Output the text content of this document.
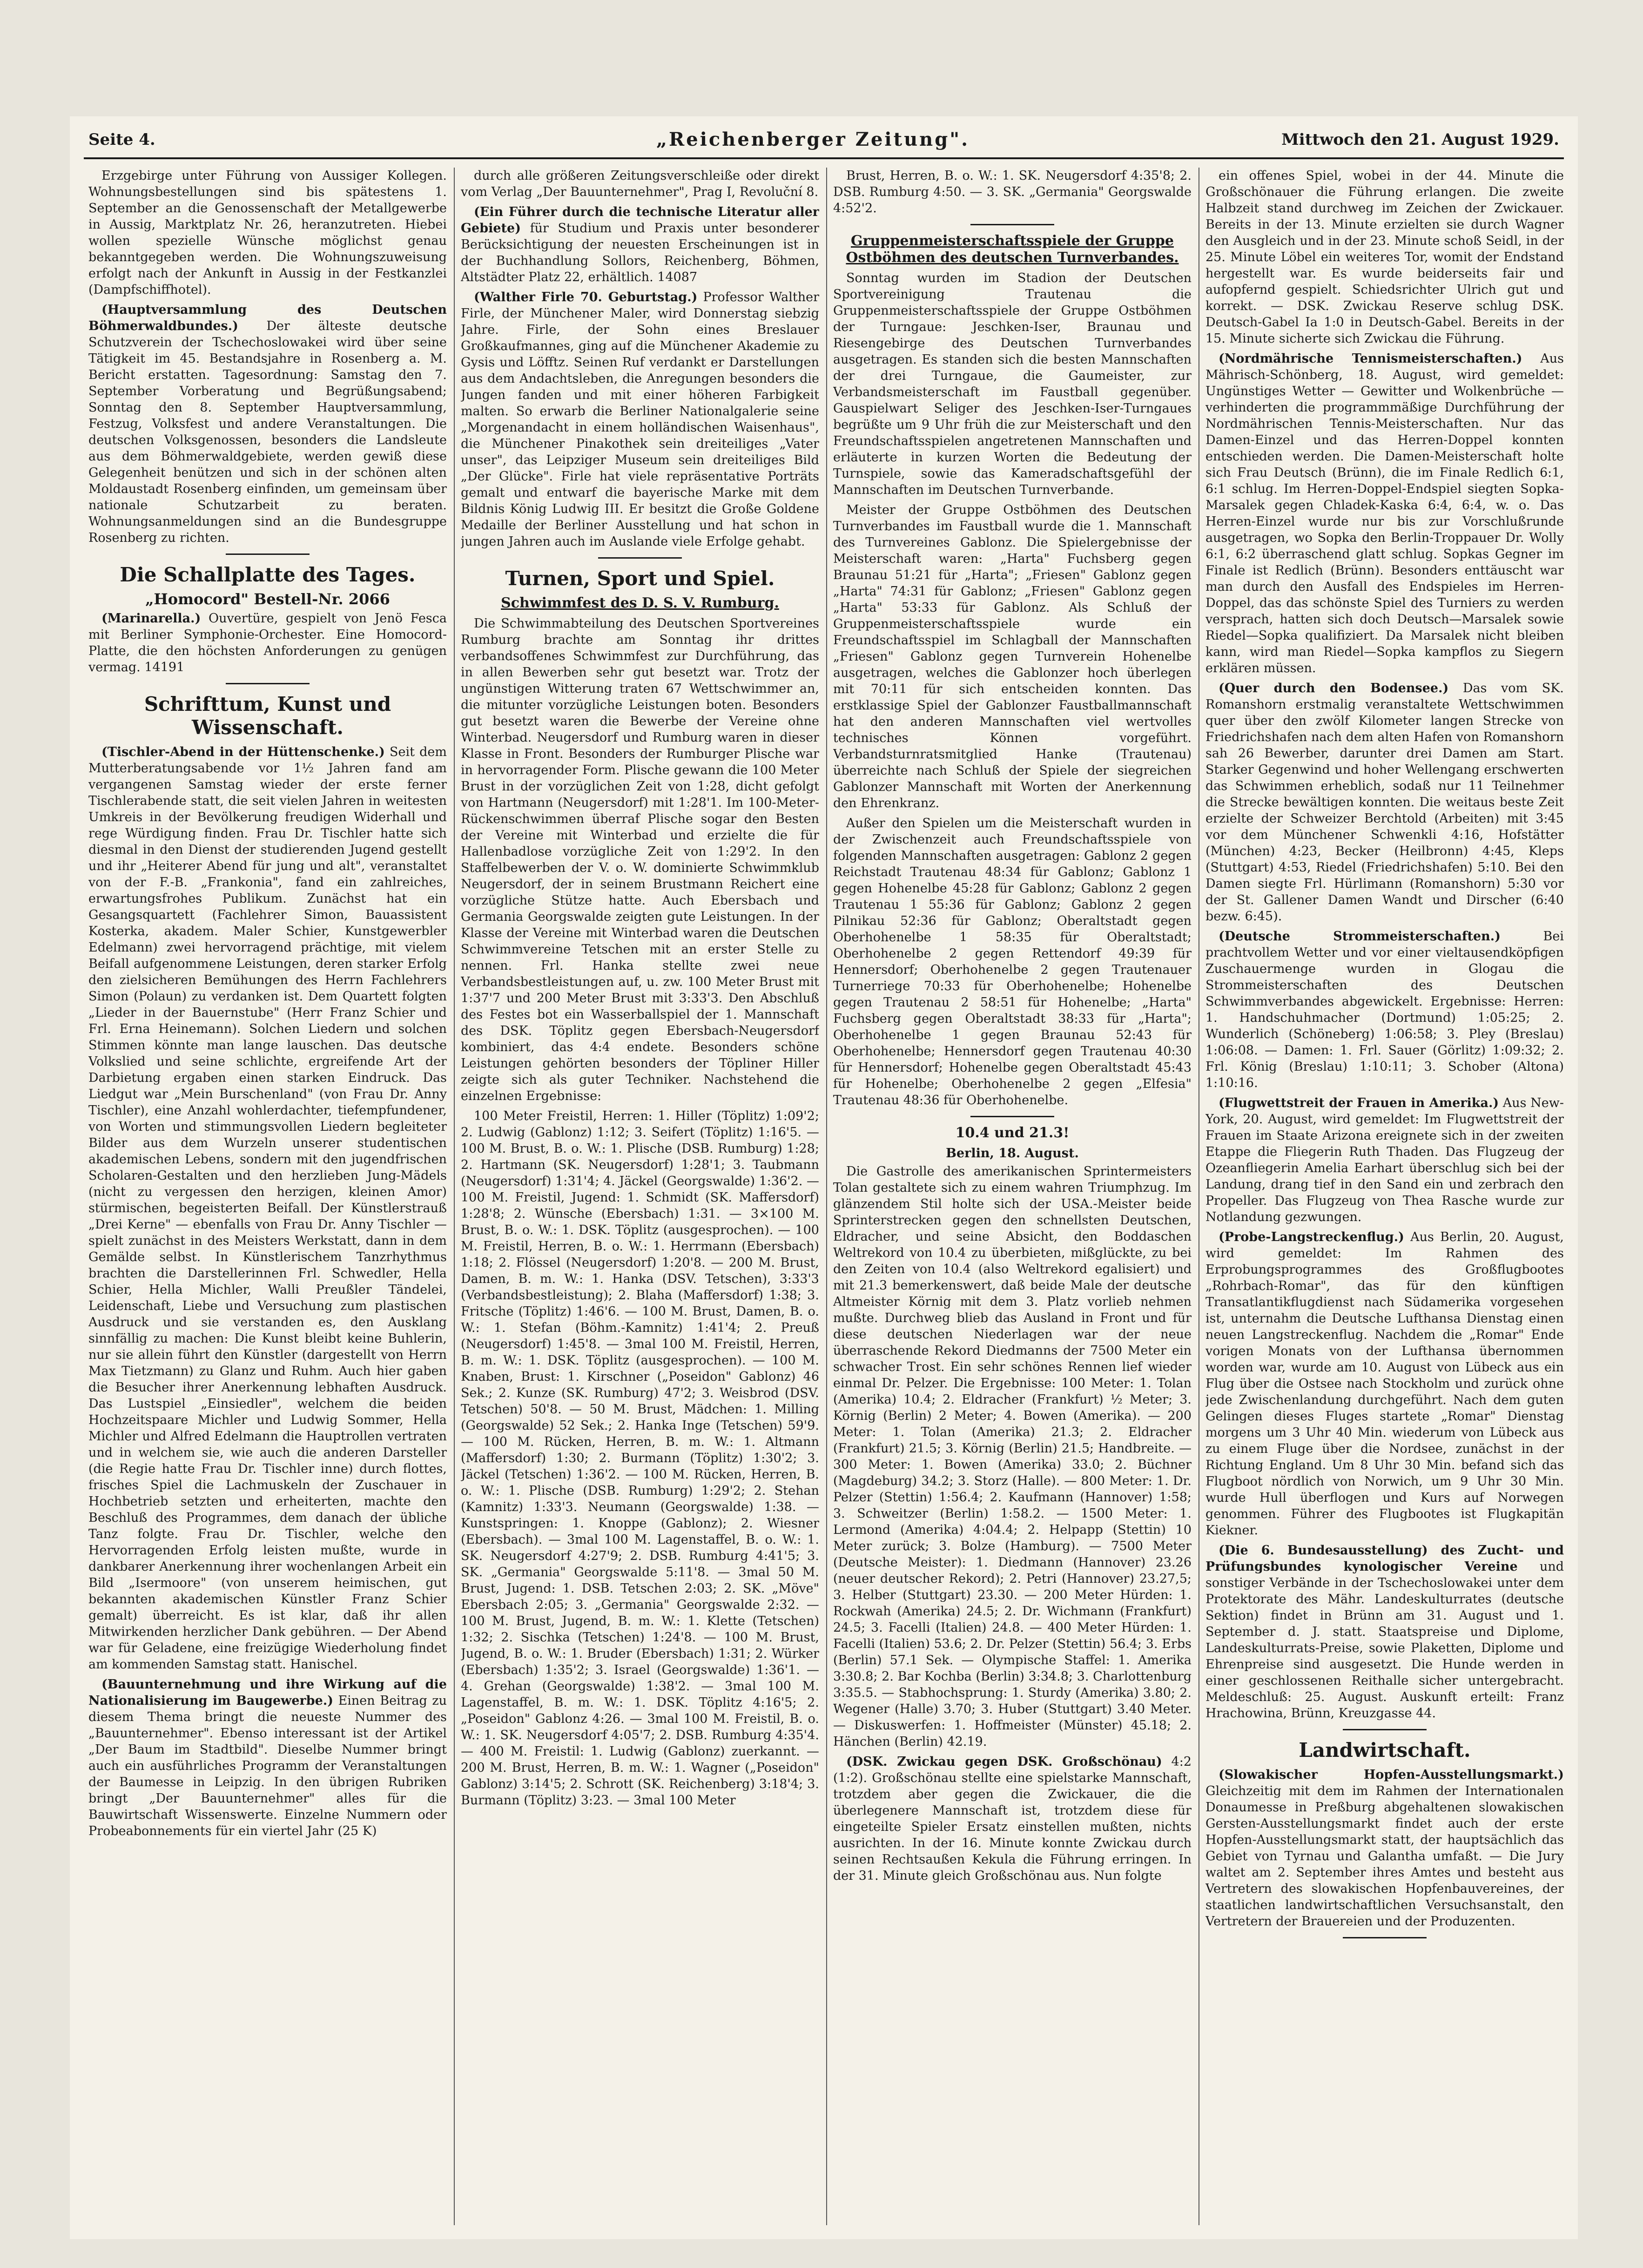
Seite 4.	„Reichenberger Zeitung".	Mittwoch den 21. August 1929.

Erzgebirge unter Führung von Aussiger Kollegen. Wohnungsbestellungen sind bis spätestens 1. September an die Genossenschaft der Metallgewerbe in Aussig, Marktplatz Nr. 26, heranzutreten. Hiebei wollen spezielle Wünsche möglichst genau bekanntgegeben werden. Die Wohnungszuweisung erfolgt nach der Ankunft in Aussig in der Festkanzlei (Dampfschiffhotel).

(Hauptversammlung des Deutschen Böhmerwaldbundes.) Der älteste deutsche Schutzverein der Tschechoslowakei wird über seine Tätigkeit im 45. Bestandsjahre in Rosenberg a. M. Bericht erstatten. Tagesordnung: Samstag den 7. September Vorberatung und Begrüßungsabend; Sonntag den 8. September Hauptversammlung, Festzug, Volksfest und andere Veranstaltungen. Die deutschen Volksgenossen, besonders die Landsleute aus dem Böhmerwaldgebiete, werden gewiß diese Gelegenheit benützen und sich in der schönen alten Moldaustadt Rosenberg einfinden, um gemeinsam über nationale Schutzarbeit zu beraten. Wohnungsanmeldungen sind an die Bundesgruppe Rosenberg zu richten.

Die Schallplatte des Tages.
„Homocord" Bestell-Nr. 2066

(Marinarella.) Ouvertüre, gespielt von Jenö Fesca mit Berliner Symphonie-Orchester. Eine Homocord-Platte, die den höchsten Anforderungen zu genügen vermag. 14191

Schrifttum, Kunst und Wissenschaft.

(Tischler-Abend in der Hüttenschenke.) Seit dem Mutterberatungsabende vor 1½ Jahren fand am vergangenen Samstag wieder der erste ferner Tischlerabende statt, die seit vielen Jahren in weitesten Umkreis in der Bevölkerung freudigen Widerhall und rege Würdigung finden. Frau Dr. Tischler hatte sich diesmal in den Dienst der studierenden Jugend gestellt und ihr „Heiterer Abend für jung und alt", veranstaltet von der F.-B. „Frankonia", fand ein zahlreiches, erwartungsfrohes Publikum. Zunächst hat ein Gesangsquartett (Fachlehrer Simon, Bauassistent Kosterka, akadem. Maler Schier, Kunstgewerbler Edelmann) zwei hervorragend prächtige, mit vielem Beifall aufgenommene Leistungen, deren starker Erfolg den zielsicheren Bemühungen des Herrn Fachlehrers Simon (Polaun) zu verdanken ist. Dem Quartett folgten „Lieder in der Bauernstube" (Herr Franz Schier und Frl. Erna Heinemann). Solchen Liedern und solchen Stimmen könnte man lange lauschen. Das deutsche Volkslied und seine schlichte, ergreifende Art der Darbietung ergaben einen starken Eindruck. Das Liedgut war „Mein Burschenland" (von Frau Dr. Anny Tischler), eine Anzahl wohlerdachter, tiefempfundener, von Worten und stimmungsvollen Liedern begleiteter Bilder aus dem Wurzeln unserer studentischen akademischen Lebens, sondern mit den jugendfrischen Scholaren-Gestalten und den herzlieben Jung-Mädels (nicht zu vergessen den herzigen, kleinen Amor) stürmischen, begeisterten Beifall. Der Künstlerstrauß „Drei Kerne" — ebenfalls von Frau Dr. Anny Tischler — spielt zunächst in des Meisters Werkstatt, dann in dem Gemälde selbst. In Künstlerischem Tanzrhythmus brachten die Darstellerinnen Frl. Schwedler, Hella Schier, Hella Michler, Walli Preußler Tändelei, Leidenschaft, Liebe und Versuchung zum plastischen Ausdruck und sie verstanden es, den Ausklang sinnfällig zu machen: Die Kunst bleibt keine Buhlerin, nur sie allein führt den Künstler (dargestellt von Herrn Max Tietzmann) zu Glanz und Ruhm. Auch hier gaben die Besucher ihrer Anerkennung lebhaften Ausdruck. Das Lustspiel „Einsiedler", welchem die beiden Hochzeitspaare Michler und Ludwig Sommer, Hella Michler und Alfred Edelmann die Hauptrollen vertraten und in welchem sie, wie auch die anderen Darsteller (die Regie hatte Frau Dr. Tischler inne) durch flottes, frisches Spiel die Lachmuskeln der Zuschauer in Hochbetrieb setzten und erheiterten, machte den Beschluß des Programmes, dem danach der übliche Tanz folgte. Frau Dr. Tischler, welche den Hervorragenden Erfolg leisten mußte, wurde in dankbarer Anerkennung ihrer wochenlangen Arbeit ein Bild „Isermoore" (von unserem heimischen, gut bekannten akademischen Künstler Franz Schier gemalt) überreicht. Es ist klar, daß ihr allen Mitwirkenden herzlicher Dank gebühren. — Der Abend war für Geladene, eine freizügige Wiederholung findet am kommenden Samstag statt. Hanischel.

(Bauunternehmung und ihre Wirkung auf die Nationalisierung im Baugewerbe.) Einen Beitrag zu diesem Thema bringt die neueste Nummer des „Bauunternehmer". Ebenso interessant ist der Artikel „Der Baum im Stadtbild". Dieselbe Nummer bringt auch ein ausführliches Programm der Veranstaltungen der Baumesse in Leipzig. In den übrigen Rubriken bringt „Der Bauunternehmer" alles für die Bauwirtschaft Wissenswerte. Einzelne Nummern oder Probeabonnements für ein viertel Jahr (25 K)

durch alle größeren Zeitungsverschleiße oder direkt vom Verlag „Der Bauunternehmer", Prag I, Revoluční 8.

(Ein Führer durch die technische Literatur aller Gebiete) für Studium und Praxis unter besonderer Berücksichtigung der neuesten Erscheinungen ist in der Buchhandlung Sollors, Reichenberg, Böhmen, Altstädter Platz 22, erhältlich. 14087

(Walther Firle 70. Geburtstag.) Professor Walther Firle, der Münchener Maler, wird Donnerstag siebzig Jahre. Firle, der Sohn eines Breslauer Großkaufmannes, ging auf die Münchener Akademie zu Gysis und Löfftz. Seinen Ruf verdankt er Darstellungen aus dem Andachtsleben, die Anregungen besonders die Jungen fanden und mit einer höheren Farbigkeit malten. So erwarb die Berliner Nationalgalerie seine „Morgenandacht in einem holländischen Waisenhaus", die Münchener Pinakothek sein dreiteiliges „Vater unser", das Leipziger Museum sein dreiteiliges Bild „Der Glücke". Firle hat viele repräsentative Porträts gemalt und entwarf die bayerische Marke mit dem Bildnis König Ludwig III. Er besitzt die Große Goldene Medaille der Berliner Ausstellung und hat schon in jungen Jahren auch im Auslande viele Erfolge gehabt.

Turnen, Sport und Spiel.
Schwimmfest des D. S. V. Rumburg.

Die Schwimmabteilung des Deutschen Sportvereines Rumburg brachte am Sonntag ihr drittes verbandsoffenes Schwimmfest zur Durchführung, das in allen Bewerben sehr gut besetzt war. Trotz der ungünstigen Witterung traten 67 Wettschwimmer an, die mitunter vorzügliche Leistungen boten. Besonders gut besetzt waren die Bewerbe der Vereine ohne Winterbad. Neugersdorf und Rumburg waren in dieser Klasse in Front. Besonders der Rumburger Plische war in hervorragender Form. Plische gewann die 100 Meter Brust in der vorzüglichen Zeit von 1:28, dicht gefolgt von Hartmann (Neugersdorf) mit 1:28'1. Im 100-Meter-Rückenschwimmen überraf Plische sogar den Besten der Vereine mit Winterbad und erzielte die für Hallenbadlose vorzügliche Zeit von 1:29'2. In den Staffelbewerben der V. o. W. dominierte Schwimmklub Neugersdorf, der in seinem Brustmann Reichert eine vorzügliche Stütze hatte. Auch Ebersbach und Germania Georgswalde zeigten gute Leistungen. In der Klasse der Vereine mit Winterbad waren die Deutschen Schwimmvereine Tetschen mit an erster Stelle zu nennen. Frl. Hanka stellte zwei neue Verbandsbestleistungen auf, u. zw. 100 Meter Brust mit 1:37'7 und 200 Meter Brust mit 3:33'3. Den Abschluß des Festes bot ein Wasserballspiel der 1. Mannschaft des DSK. Töplitz gegen Ebersbach-Neugersdorf kombiniert, das 4:4 endete. Besonders schöne Leistungen gehörten besonders der Töpliner Hiller zeigte sich als guter Techniker. Nachstehend die einzelnen Ergebnisse:

100 Meter Freistil, Herren: 1. Hiller (Töplitz) 1:09'2; 2. Ludwig (Gablonz) 1:12; 3. Seifert (Töplitz) 1:16'5. — 100 M. Brust, B. o. W.: 1. Plische (DSB. Rumburg) 1:28; 2. Hartmann (SK. Neugersdorf) 1:28'1; 3. Taubmann (Neugersdorf) 1:31'4; 4. Jäckel (Georgswalde) 1:36'2. — 100 M. Freistil, Jugend: 1. Schmidt (SK. Maffersdorf) 1:28'8; 2. Wünsche (Ebersbach) 1:31. — 3×100 M. Brust, B. o. W.: 1. DSK. Töplitz (ausgesprochen). — 100 M. Freistil, Herren, B. o. W.: 1. Herrmann (Ebersbach) 1:18; 2. Flössel (Neugersdorf) 1:20'8. — 200 M. Brust, Damen, B. m. W.: 1. Hanka (DSV. Tetschen), 3:33'3 (Verbandsbestleistung); 2. Blaha (Maffersdorf) 1:38; 3. Fritsche (Töplitz) 1:46'6. — 100 M. Brust, Damen, B. o. W.: 1. Stefan (Böhm.-Kamnitz) 1:41'4; 2. Preuß (Neugersdorf) 1:45'8. — 3mal 100 M. Freistil, Herren, B. m. W.: 1. DSK. Töplitz (ausgesprochen). — 100 M. Knaben, Brust: 1. Kirschner („Poseidon" Gablonz) 46 Sek.; 2. Kunze (SK. Rumburg) 47'2; 3. Weisbrod (DSV. Tetschen) 50'8. — 50 M. Brust, Mädchen: 1. Milling (Georgswalde) 52 Sek.; 2. Hanka Inge (Tetschen) 59'9. — 100 M. Rücken, Herren, B. m. W.: 1. Altmann (Maffersdorf) 1:30; 2. Burmann (Töplitz) 1:30'2; 3. Jäckel (Tetschen) 1:36'2. — 100 M. Rücken, Herren, B. o. W.: 1. Plische (DSB. Rumburg) 1:29'2; 2. Stehan (Kamnitz) 1:33'3. Neumann (Georgswalde) 1:38. — Kunstspringen: 1. Knoppe (Gablonz); 2. Wiesner (Ebersbach). — 3mal 100 M. Lagenstaffel, B. o. W.: 1. SK. Neugersdorf 4:27'9; 2. DSB. Rumburg 4:41'5; 3. SK. „Germania" Georgswalde 5:11'8. — 3mal 50 M. Brust, Jugend: 1. DSB. Tetschen 2:03; 2. SK. „Möve" Ebersbach 2:05; 3. „Germania" Georgswalde 2:32. — 100 M. Brust, Jugend, B. m. W.: 1. Klette (Tetschen) 1:32; 2. Sischka (Tetschen) 1:24'8. — 100 M. Brust, Jugend, B. o. W.: 1. Bruder (Ebersbach) 1:31; 2. Würker (Ebersbach) 1:35'2; 3. Israel (Georgswalde) 1:36'1. — 4. Grehan (Georgswalde) 1:38'2. — 3mal 100 M. Lagenstaffel, B. m. W.: 1. DSK. Töplitz 4:16'5; 2. „Poseidon" Gablonz 4:26. — 3mal 100 M. Freistil, B. o. W.: 1. SK. Neugersdorf 4:05'7; 2. DSB. Rumburg 4:35'4. — 400 M. Freistil: 1. Ludwig (Gablonz) zuerkannt. — 200 M. Brust, Herren, B. m. W.: 1. Wagner („Poseidon" Gablonz) 3:14'5; 2. Schrott (SK. Reichenberg) 3:18'4; 3. Burmann (Töplitz) 3:23. — 3mal 100 Meter

Brust, Herren, B. o. W.: 1. SK. Neugersdorf 4:35'8; 2. DSB. Rumburg 4:50. — 3. SK. „Germania" Georgswalde 4:52'2.

Gruppenmeisterschaftsspiele der Gruppe Ostböhmen des deutschen Turnverbandes.

Sonntag wurden im Stadion der Deutschen Sportvereinigung Trautenau die Gruppenmeisterschaftsspiele der Gruppe Ostböhmen der Turngaue: Jeschken-Iser, Braunau und Riesengebirge des Deutschen Turnverbandes ausgetragen. Es standen sich die besten Mannschaften der drei Turngaue, die Gaumeister, zur Verbandsmeisterschaft im Faustball gegenüber. Gauspielwart Seliger des Jeschken-Iser-Turngaues begrüßte um 9 Uhr früh die zur Meisterschaft und den Freundschaftsspielen angetretenen Mannschaften und erläuterte in kurzen Worten die Bedeutung der Turnspiele, sowie das Kameradschaftsgefühl der Mannschaften im Deutschen Turnverbande.

Meister der Gruppe Ostböhmen des Deutschen Turnverbandes im Faustball wurde die 1. Mannschaft des Turnvereines Gablonz. Die Spielergebnisse der Meisterschaft waren: „Harta" Fuchsberg gegen Braunau 51:21 für „Harta"; „Friesen" Gablonz gegen „Harta" 74:31 für Gablonz; „Friesen" Gablonz gegen „Harta" 53:33 für Gablonz. Als Schluß der Gruppenmeisterschaftsspiele wurde ein Freundschaftsspiel im Schlagball der Mannschaften „Friesen" Gablonz gegen Turnverein Hohenelbe ausgetragen, welches die Gablonzer hoch überlegen mit 70:11 für sich entscheiden konnten. Das erstklassige Spiel der Gablonzer Faustballmannschaft hat den anderen Mannschaften viel wertvolles technisches Können vorgeführt. Verbandsturnratsmitglied Hanke (Trautenau) überreichte nach Schluß der Spiele der siegreichen Gablonzer Mannschaft mit Worten der Anerkennung den Ehrenkranz.

Außer den Spielen um die Meisterschaft wurden in der Zwischenzeit auch Freundschaftsspiele von folgenden Mannschaften ausgetragen: Gablonz 2 gegen Reichstadt Trautenau 48:34 für Gablonz; Gablonz 1 gegen Hohenelbe 45:28 für Gablonz; Gablonz 2 gegen Trautenau 1 55:36 für Gablonz; Gablonz 2 gegen Pilnikau 52:36 für Gablonz; Oberaltstadt gegen Oberhohenelbe 1 58:35 für Oberaltstadt; Oberhohenelbe 2 gegen Rettendorf 49:39 für Hennersdorf; Oberhohenelbe 2 gegen Trautenauer Turnerriege 70:33 für Oberhohenelbe; Hohenelbe gegen Trautenau 2 58:51 für Hohenelbe; „Harta" Fuchsberg gegen Oberaltstadt 38:33 für „Harta"; Oberhohenelbe 1 gegen Braunau 52:43 für Oberhohenelbe; Hennersdorf gegen Trautenau 40:30 für Hennersdorf; Hohenelbe gegen Oberaltstadt 45:43 für Hohenelbe; Oberhohenelbe 2 gegen „Elfesia" Trautenau 48:36 für Oberhohenelbe.

10.4 und 21.3!
Berlin, 18. August.

Die Gastrolle des amerikanischen Sprintermeisters Tolan gestaltete sich zu einem wahren Triumphzug. Im glänzendem Stil holte sich der USA.-Meister beide Sprinterstrecken gegen den schnellsten Deutschen, Eldracher, und seine Absicht, den Boddaschen Weltrekord von 10.4 zu überbieten, mißglückte, zu bei den Zeiten von 10.4 (also Weltrekord egalisiert) und mit 21.3 bemerkenswert, daß beide Male der deutsche Altmeister Körnig mit dem 3. Platz vorlieb nehmen mußte. Durchweg blieb das Ausland in Front und für diese deutschen Niederlagen war der neue überraschende Rekord Diedmanns der 7500 Meter ein schwacher Trost. Ein sehr schönes Rennen lief wieder einmal Dr. Pelzer. Die Ergebnisse: 100 Meter: 1. Tolan (Amerika) 10.4; 2. Eldracher (Frankfurt) ½ Meter; 3. Körnig (Berlin) 2 Meter; 4. Bowen (Amerika). — 200 Meter: 1. Tolan (Amerika) 21.3; 2. Eldracher (Frankfurt) 21.5; 3. Körnig (Berlin) 21.5; Handbreite. — 300 Meter: 1. Bowen (Amerika) 33.0; 2. Büchner (Magdeburg) 34.2; 3. Storz (Halle). — 800 Meter: 1. Dr. Pelzer (Stettin) 1:56.4; 2. Kaufmann (Hannover) 1:58; 3. Schweitzer (Berlin) 1:58.2. — 1500 Meter: 1. Lermond (Amerika) 4:04.4; 2. Helpapp (Stettin) 10 Meter zurück; 3. Bolze (Hamburg). — 7500 Meter (Deutsche Meister): 1. Diedmann (Hannover) 23.26 (neuer deutscher Rekord); 2. Petri (Hannover) 23.27,5; 3. Helber (Stuttgart) 23.30. — 200 Meter Hürden: 1. Rockwah (Amerika) 24.5; 2. Dr. Wichmann (Frankfurt) 24.5; 3. Facelli (Italien) 24.8. — 400 Meter Hürden: 1. Facelli (Italien) 53.6; 2. Dr. Pelzer (Stettin) 56.4; 3. Erbs (Berlin) 57.1 Sek. — Olympische Staffel: 1. Amerika 3:30.8; 2. Bar Kochba (Berlin) 3:34.8; 3. Charlottenburg 3:35.5. — Stabhochsprung: 1. Sturdy (Amerika) 3.80; 2. Wegener (Halle) 3.70; 3. Huber (Stuttgart) 3.40 Meter. — Diskuswerfen: 1. Hoffmeister (Münster) 45.18; 2. Hänchen (Berlin) 42.19.

(DSK. Zwickau gegen DSK. Großschönau) 4:2 (1:2). Großschönau stellte eine spielstarke Mannschaft, trotzdem aber gegen die Zwickauer, die die überlegenere Mannschaft ist, trotzdem diese für eingeteilte Spieler Ersatz einstellen mußten, nichts ausrichten. In der 16. Minute konnte Zwickau durch seinen Rechtsaußen Kekula die Führung erringen. In der 31. Minute gleich Großschönau aus. Nun folgte

ein offenes Spiel, wobei in der 44. Minute die Großschönauer die Führung erlangen. Die zweite Halbzeit stand durchweg im Zeichen der Zwickauer. Bereits in der 13. Minute erzielten sie durch Wagner den Ausgleich und in der 23. Minute schoß Seidl, in der 25. Minute Löbel ein weiteres Tor, womit der Endstand hergestellt war. Es wurde beiderseits fair und aufopfernd gespielt. Schiedsrichter Ulrich gut und korrekt. — DSK. Zwickau Reserve schlug DSK. Deutsch-Gabel Ia 1:0 in Deutsch-Gabel. Bereits in der 15. Minute sicherte sich Zwickau die Führung.

(Nordmährische Tennismeisterschaften.) Aus Mährisch-Schönberg, 18. August, wird gemeldet: Ungünstiges Wetter — Gewitter und Wolkenbrüche — verhinderten die programmmäßige Durchführung der Nordmährischen Tennis-Meisterschaften. Nur das Damen-Einzel und das Herren-Doppel konnten entschieden werden. Die Damen-Meisterschaft holte sich Frau Deutsch (Brünn), die im Finale Redlich 6:1, 6:1 schlug. Im Herren-Doppel-Endspiel siegten Sopka-Marsalek gegen Chladek-Kaska 6:4, 6:4, w. o. Das Herren-Einzel wurde nur bis zur Vorschlußrunde ausgetragen, wo Sopka den Berlin-Troppauer Dr. Wolly 6:1, 6:2 überraschend glatt schlug. Sopkas Gegner im Finale ist Redlich (Brünn). Besonders enttäuscht war man durch den Ausfall des Endspieles im Herren-Doppel, das das schönste Spiel des Turniers zu werden versprach, hatten sich doch Deutsch—Marsalek sowie Riedel—Sopka qualifiziert. Da Marsalek nicht bleiben kann, wird man Riedel—Sopka kampflos zu Siegern erklären müssen.

(Quer durch den Bodensee.) Das vom SK. Romanshorn erstmalig veranstaltete Wettschwimmen quer über den zwölf Kilometer langen Strecke von Friedrichshafen nach dem alten Hafen von Romanshorn sah 26 Bewerber, darunter drei Damen am Start. Starker Gegenwind und hoher Wellengang erschwerten das Schwimmen erheblich, sodaß nur 11 Teilnehmer die Strecke bewältigen konnten. Die weitaus beste Zeit erzielte der Schweizer Berchtold (Arbeiten) mit 3:45 vor dem Münchener Schwenkli 4:16, Hofstätter (München) 4:23, Becker (Heilbronn) 4:45, Kleps (Stuttgart) 4:53, Riedel (Friedrichshafen) 5:10. Bei den Damen siegte Frl. Hürlimann (Romanshorn) 5:30 vor der St. Gallener Damen Wandt und Dirscher (6:40 bezw. 6:45).

(Deutsche Strommeisterschaften.)	Bei prachtvollem Wetter und vor einer vieltausendköpfigen Zuschauermenge wurden in Glogau die Strommeisterschaften des Deutschen Schwimmverbandes abgewickelt. Ergebnisse: Herren: 1. Handschuhmacher (Dortmund) 1:05:25; 2. Wunderlich (Schöneberg) 1:06:58; 3. Pley (Breslau) 1:06:08. — Damen: 1. Frl. Sauer (Görlitz) 1:09:32; 2. Frl. König (Breslau) 1:10:11; 3. Schober (Altona) 1:10:16.

(Flugwettstreit der Frauen in Amerika.) Aus New-York, 20. August, wird gemeldet: Im Flugwettstreit der Frauen im Staate Arizona ereignete sich in der zweiten Etappe die Fliegerin Ruth Thaden. Das Flugzeug der Ozeanfliegerin Amelia Earhart überschlug sich bei der Landung, drang tief in den Sand ein und zerbrach den Propeller. Das Flugzeug von Thea Rasche wurde zur Notlandung gezwungen.

(Probe-Langstreckenflug.) Aus Berlin, 20. August, wird gemeldet: Im Rahmen des Erprobungsprogrammes des Großflugbootes „Rohrbach-Romar", das für den künftigen Transatlantikflugdienst nach Südamerika vorgesehen ist, unternahm die Deutsche Lufthansa Dienstag einen neuen Langstreckenflug. Nachdem die „Romar" Ende vorigen Monats von der Lufthansa übernommen worden war, wurde am 10. August von Lübeck aus ein Flug über die Ostsee nach Stockholm und zurück ohne jede Zwischenlandung durchgeführt. Nach dem guten Gelingen dieses Fluges startete „Romar" Dienstag morgens um 3 Uhr 40 Min. wiederum von Lübeck aus zu einem Fluge über die Nordsee, zunächst in der Richtung England. Um 8 Uhr 30 Min. befand sich das Flugboot nördlich von Norwich, um 9 Uhr 30 Min. wurde Hull überflogen und Kurs auf Norwegen genommen. Führer des Flugbootes ist Flugkapitän Kiekner.

(Die 6. Bundesausstellung) des Zucht- und Prüfungsbundes kynologischer Vereine und sonstiger Verbände in der Tschechoslowakei unter dem Protektorate des Mähr. Landeskulturrates (deutsche Sektion) findet in Brünn am 31. August und 1. September d. J. statt. Staatspreise und Diplome, Landeskulturrats-Preise, sowie Plaketten, Diplome und Ehrenpreise sind ausgesetzt. Die Hunde werden in einer geschlossenen Reithalle sicher untergebracht. Meldeschluß: 25. August. Auskunft erteilt: Franz Hrachowina, Brünn, Kreuzgasse 44.

Landwirtschaft.

(Slowakischer Hopfen-Ausstellungsmarkt.) Gleichzeitig mit dem im Rahmen der Internationalen Donaumesse in Preßburg abgehaltenen slowakischen Gersten-Ausstellungsmarkt findet auch der erste Hopfen-Ausstellungsmarkt statt, der hauptsächlich das Gebiet von Tyrnau und Galantha umfaßt. — Die Jury waltet am 2. September ihres Amtes und besteht aus Vertretern des slowakischen Hopfenbauvereines, der staatlichen landwirtschaftlichen Versuchsanstalt, den Vertretern der Brauereien und der Produzenten.
